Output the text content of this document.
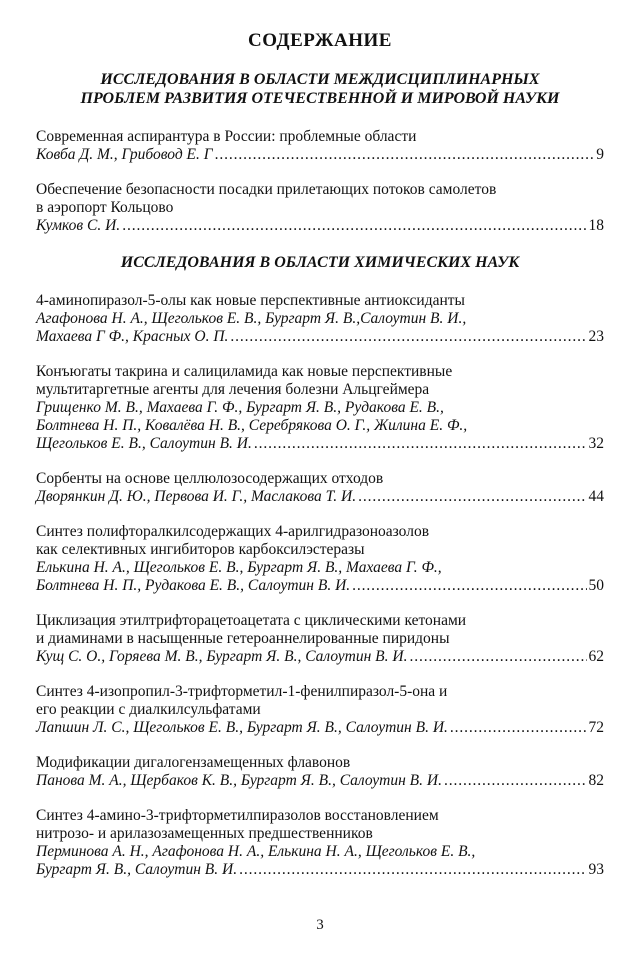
СОДЕРЖАНИЕ
ИССЛЕДОВАНИЯ В ОБЛАСТИ МЕЖДИСЦИПЛИНАРНЫХ
ПРОБЛЕМ РАЗВИТИЯ ОТЕЧЕСТВЕННОЙ И МИРОВОЙ НАУКИ
Современная аспирантура в России: проблемные области
Ковба Д. М., Грибовод Е. Г . . .	9
Обеспечение безопасности посадки прилетающих потоков самолетов
в аэропорт Кольцово
Кумков С. И. . . .	18
ИССЛЕДОВАНИЯ В ОБЛАСТИ ХИМИЧЕСКИХ НАУК
4-аминопиразол-5-олы как новые перспективные антиоксиданты
Агафонова Н. А., Щегольков Е. В., Бургарт Я. В.,Салоутин В. И.,
Махаева Г Ф., Красных О. П. . . .	23
Конъюгаты такрина и салициламида как новые перспективные
мультитаргетные агенты для лечения болезни Альцгеймера
Грищенко М. В., Махаева Г. Ф., Бургарт Я. В., Рудакова Е. В.,
Болтнева Н. П., Ковалёва Н. В., Серебрякова О. Г., Жилина Е. Ф.,
Щегольков Е. В., Салоутин В. И. . . .	32
Сорбенты на основе целлюлозосодержащих отходов
Дворянкин Д. Ю., Первова И. Г., Маслакова Т. И. . . .	44
Синтез полифторалкилсодержащих 4-арилгидразоноазолов
как селективных ингибиторов карбоксилэстеразы
Елькина Н. А., Щегольков Е. В., Бургарт Я. В., Махаева Г. Ф.,
Болтнева Н. П., Рудакова Е. В., Салоутин В. И. . . .	50
Циклизация этилтрифторацетоацетата с циклическими кетонами
и диаминами в насыщенные гетероаннелированные пиридоны
Кущ С. О., Горяева М. В., Бургарт Я. В., Салоутин В. И. . . .	62
Синтез 4-изопропил-3-трифторметил-1-фенилпиразол-5-она и
его реакции с диалкилсульфатами
Лапшин Л. С., Щегольков Е. В., Бургарт Я. В., Салоутин В. И. . . .	72
Модификации дигалогензамещенных флавонов
Панова М. А., Щербаков К. В., Бургарт Я. В., Салоутин В. И. . . .	82
Синтез 4-амино-3-трифторметилпиразолов восстановлением
нитрозо- и арилазозамещенных предшественников
Перминова А. Н., Агафонова Н. А., Елькина Н. А., Щегольков Е. В.,
Бургарт Я. В., Салоутин В. И. . . .	93
3
